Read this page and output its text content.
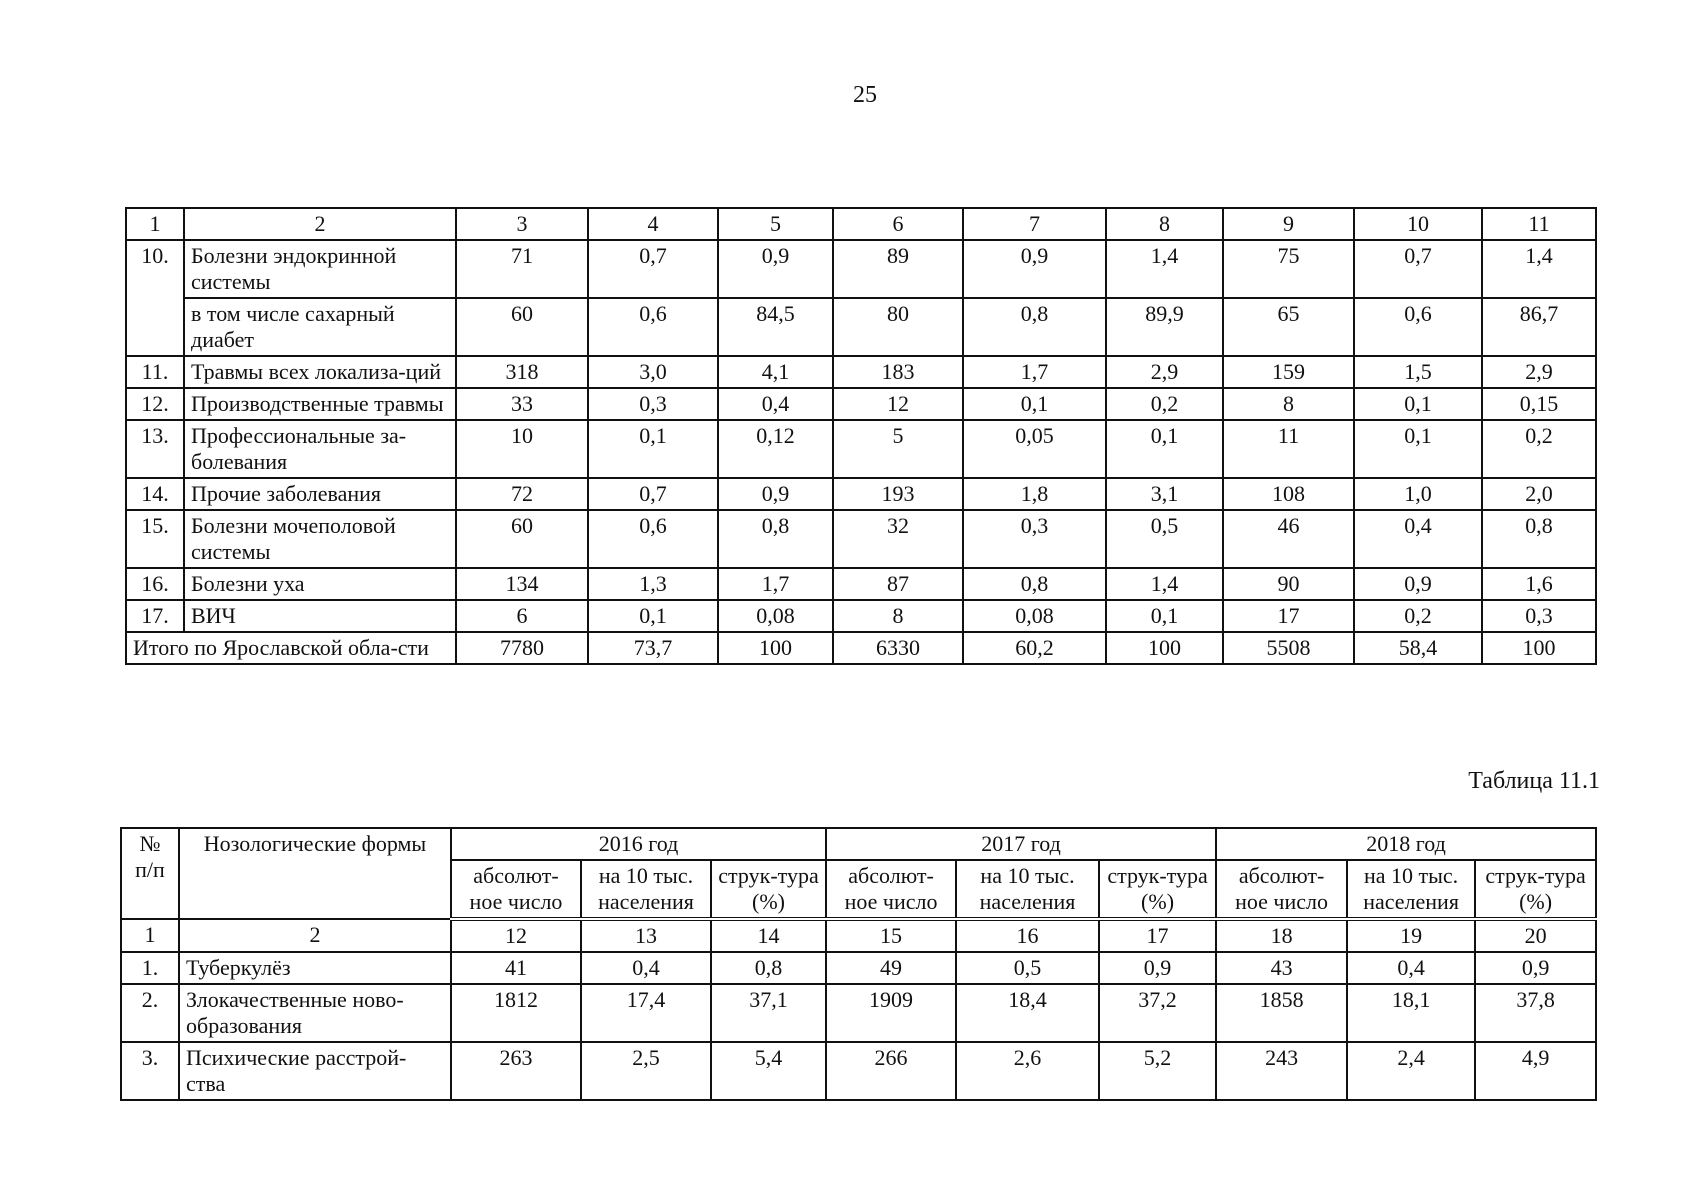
25
1	2	3	4	5	6	7	8	9	10	11
10.	Болезни эндокринной системы	71	0,7	0,9	89	0,9	1,4	75	0,7	1,4
	в том числе сахарный диабет	60	0,6	84,5	80	0,8	89,9	65	0,6	86,7
11.	Травмы всех локализа-ций	318	3,0	4,1	183	1,7	2,9	159	1,5	2,9
12.	Производственные травмы	33	0,3	0,4	12	0,1	0,2	8	0,1	0,15
13.	Профессиональные за-болевания	10	0,1	0,12	5	0,05	0,1	11	0,1	0,2
14.	Прочие заболевания	72	0,7	0,9	193	1,8	3,1	108	1,0	2,0
15.	Болезни мочеполовой системы	60	0,6	0,8	32	0,3	0,5	46	0,4	0,8
16.	Болезни уха	134	1,3	1,7	87	0,8	1,4	90	0,9	1,6
17.	ВИЧ	6	0,1	0,08	8	0,08	0,1	17	0,2	0,3
Итого по Ярославской обла-сти		7780	73,7	100	6330	60,2	100	5508	58,4	100
Таблица 11.1
№ п/п	Нозологические формы	2016 год			2017 год			2018 год		
		абсолют-ное число	на 10 тыс. населения	струк-тура (%)	абсолют-ное число	на 10 тыс. населения	струк-тура (%)	абсолют-ное число	на 10 тыс. населения	струк-тура (%)
1	2	12	13	14	15	16	17	18	19	20
1.	Туберкулёз	41	0,4	0,8	49	0,5	0,9	43	0,4	0,9
2.	Злокачественные ново-образования	1812	17,4	37,1	1909	18,4	37,2	1858	18,1	37,8
3.	Психические расстрой-ства	263	2,5	5,4	266	2,6	5,2	243	2,4	4,9
